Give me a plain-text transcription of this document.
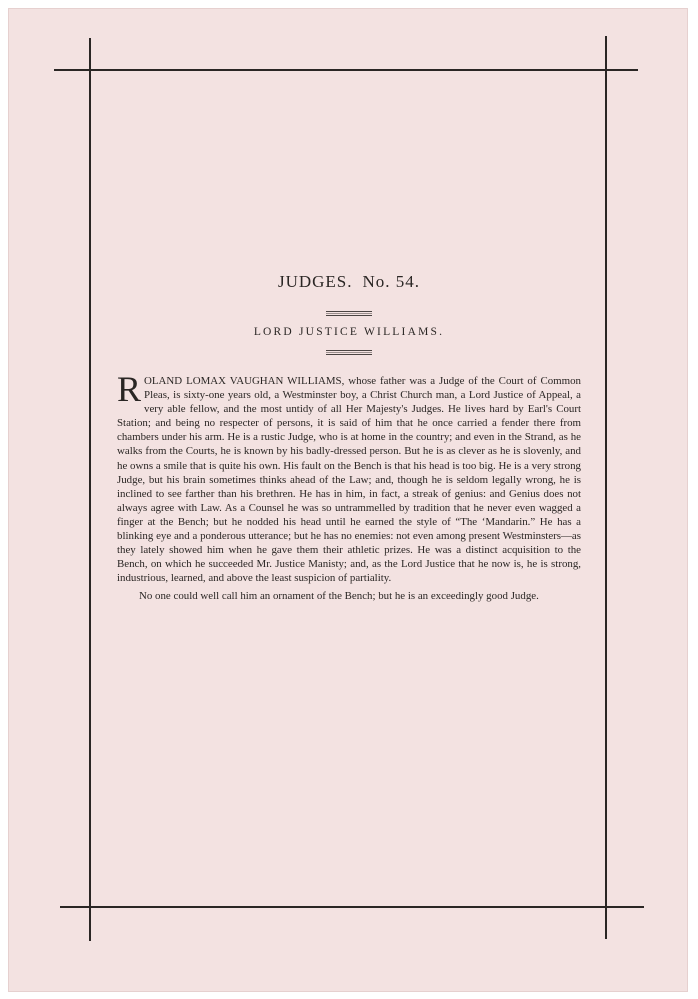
JUDGES. No. 54.
LORD JUSTICE WILLIAMS.

ROLAND LOMAX VAUGHAN WILLIAMS, whose father was a Judge of the Court of Common Pleas, is sixty-one years old, a Westminster boy, a Christ Church man, a Lord Justice of Appeal, a very able fellow, and the most untidy of all Her Majesty's Judges. He lives hard by Earl's Court Station; and being no respecter of persons, it is said of him that he once carried a fender there from chambers under his arm. He is a rustic Judge, who is at home in the country; and even in the Strand, as he walks from the Courts, he is known by his badly-dressed person. But he is as clever as he is slovenly, and he owns a smile that is quite his own. His fault on the Bench is that his head is too big. He is a very strong Judge, but his brain sometimes thinks ahead of the Law; and, though he is seldom legally wrong, he is inclined to see farther than his brethren. He has in him, in fact, a streak of genius: and Genius does not always agree with Law. As a Counsel he was so untrammelled by tradition that he never even wagged a finger at the Bench; but he nodded his head until he earned the style of “The ‘Mandarin.” He has a blinking eye and a ponderous utterance; but he has no enemies: not even among present Westminsters—as they lately showed him when he gave them their athletic prizes. He was a distinct acquisition to the Bench, on which he succeeded Mr. Justice Manisty; and, as the Lord Justice that he now is, he is strong, industrious, learned, and above the least suspicion of partiality.

No one could well call him an ornament of the Bench; but he is an exceedingly good Judge.
